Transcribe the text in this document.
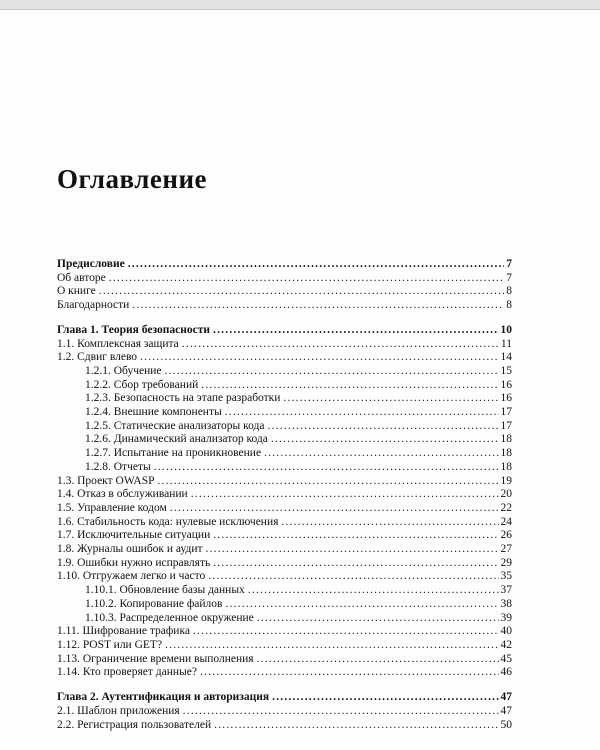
Оглавление
Предисловие .....	7
Об авторе .....	7
О книге .....	8
Благодарности .....	8
Глава 1. Теория безопасности .....	10
1.1. Комплексная защита .....	11
1.2. Сдвиг влево .....	14
1.2.1. Обучение .....	15
1.2.2. Сбор требований .....	16
1.2.3. Безопасность на этапе разработки .....	16
1.2.4. Внешние компоненты .....	17
1.2.5. Статические анализаторы кода .....	17
1.2.6. Динамический анализатор кода .....	18
1.2.7. Испытание на проникновение .....	18
1.2.8. Отчеты .....	18
1.3. Проект OWASP .....	19
1.4. Отказ в обслуживании .....	20
1.5. Управление кодом .....	22
1.6. Стабильность кода: нулевые исключения .....	24
1.7. Исключительные ситуации .....	26
1.8. Журналы ошибок и аудит .....	27
1.9. Ошибки нужно исправлять .....	29
1.10. Отгружаем легко и часто .....	35
1.10.1. Обновление базы данных .....	37
1.10.2. Копирование файлов .....	38
1.10.3. Распределенное окружение .....	39
1.11. Шифрование трафика .....	40
1.12. POST или GET? .....	42
1.13. Ограничение времени выполнения .....	45
1.14. Кто проверяет данные? .....	46
Глава 2. Аутентификация и авторизация .....	47
2.1. Шаблон приложения .....	47
2.2. Регистрация пользователей .....	50
